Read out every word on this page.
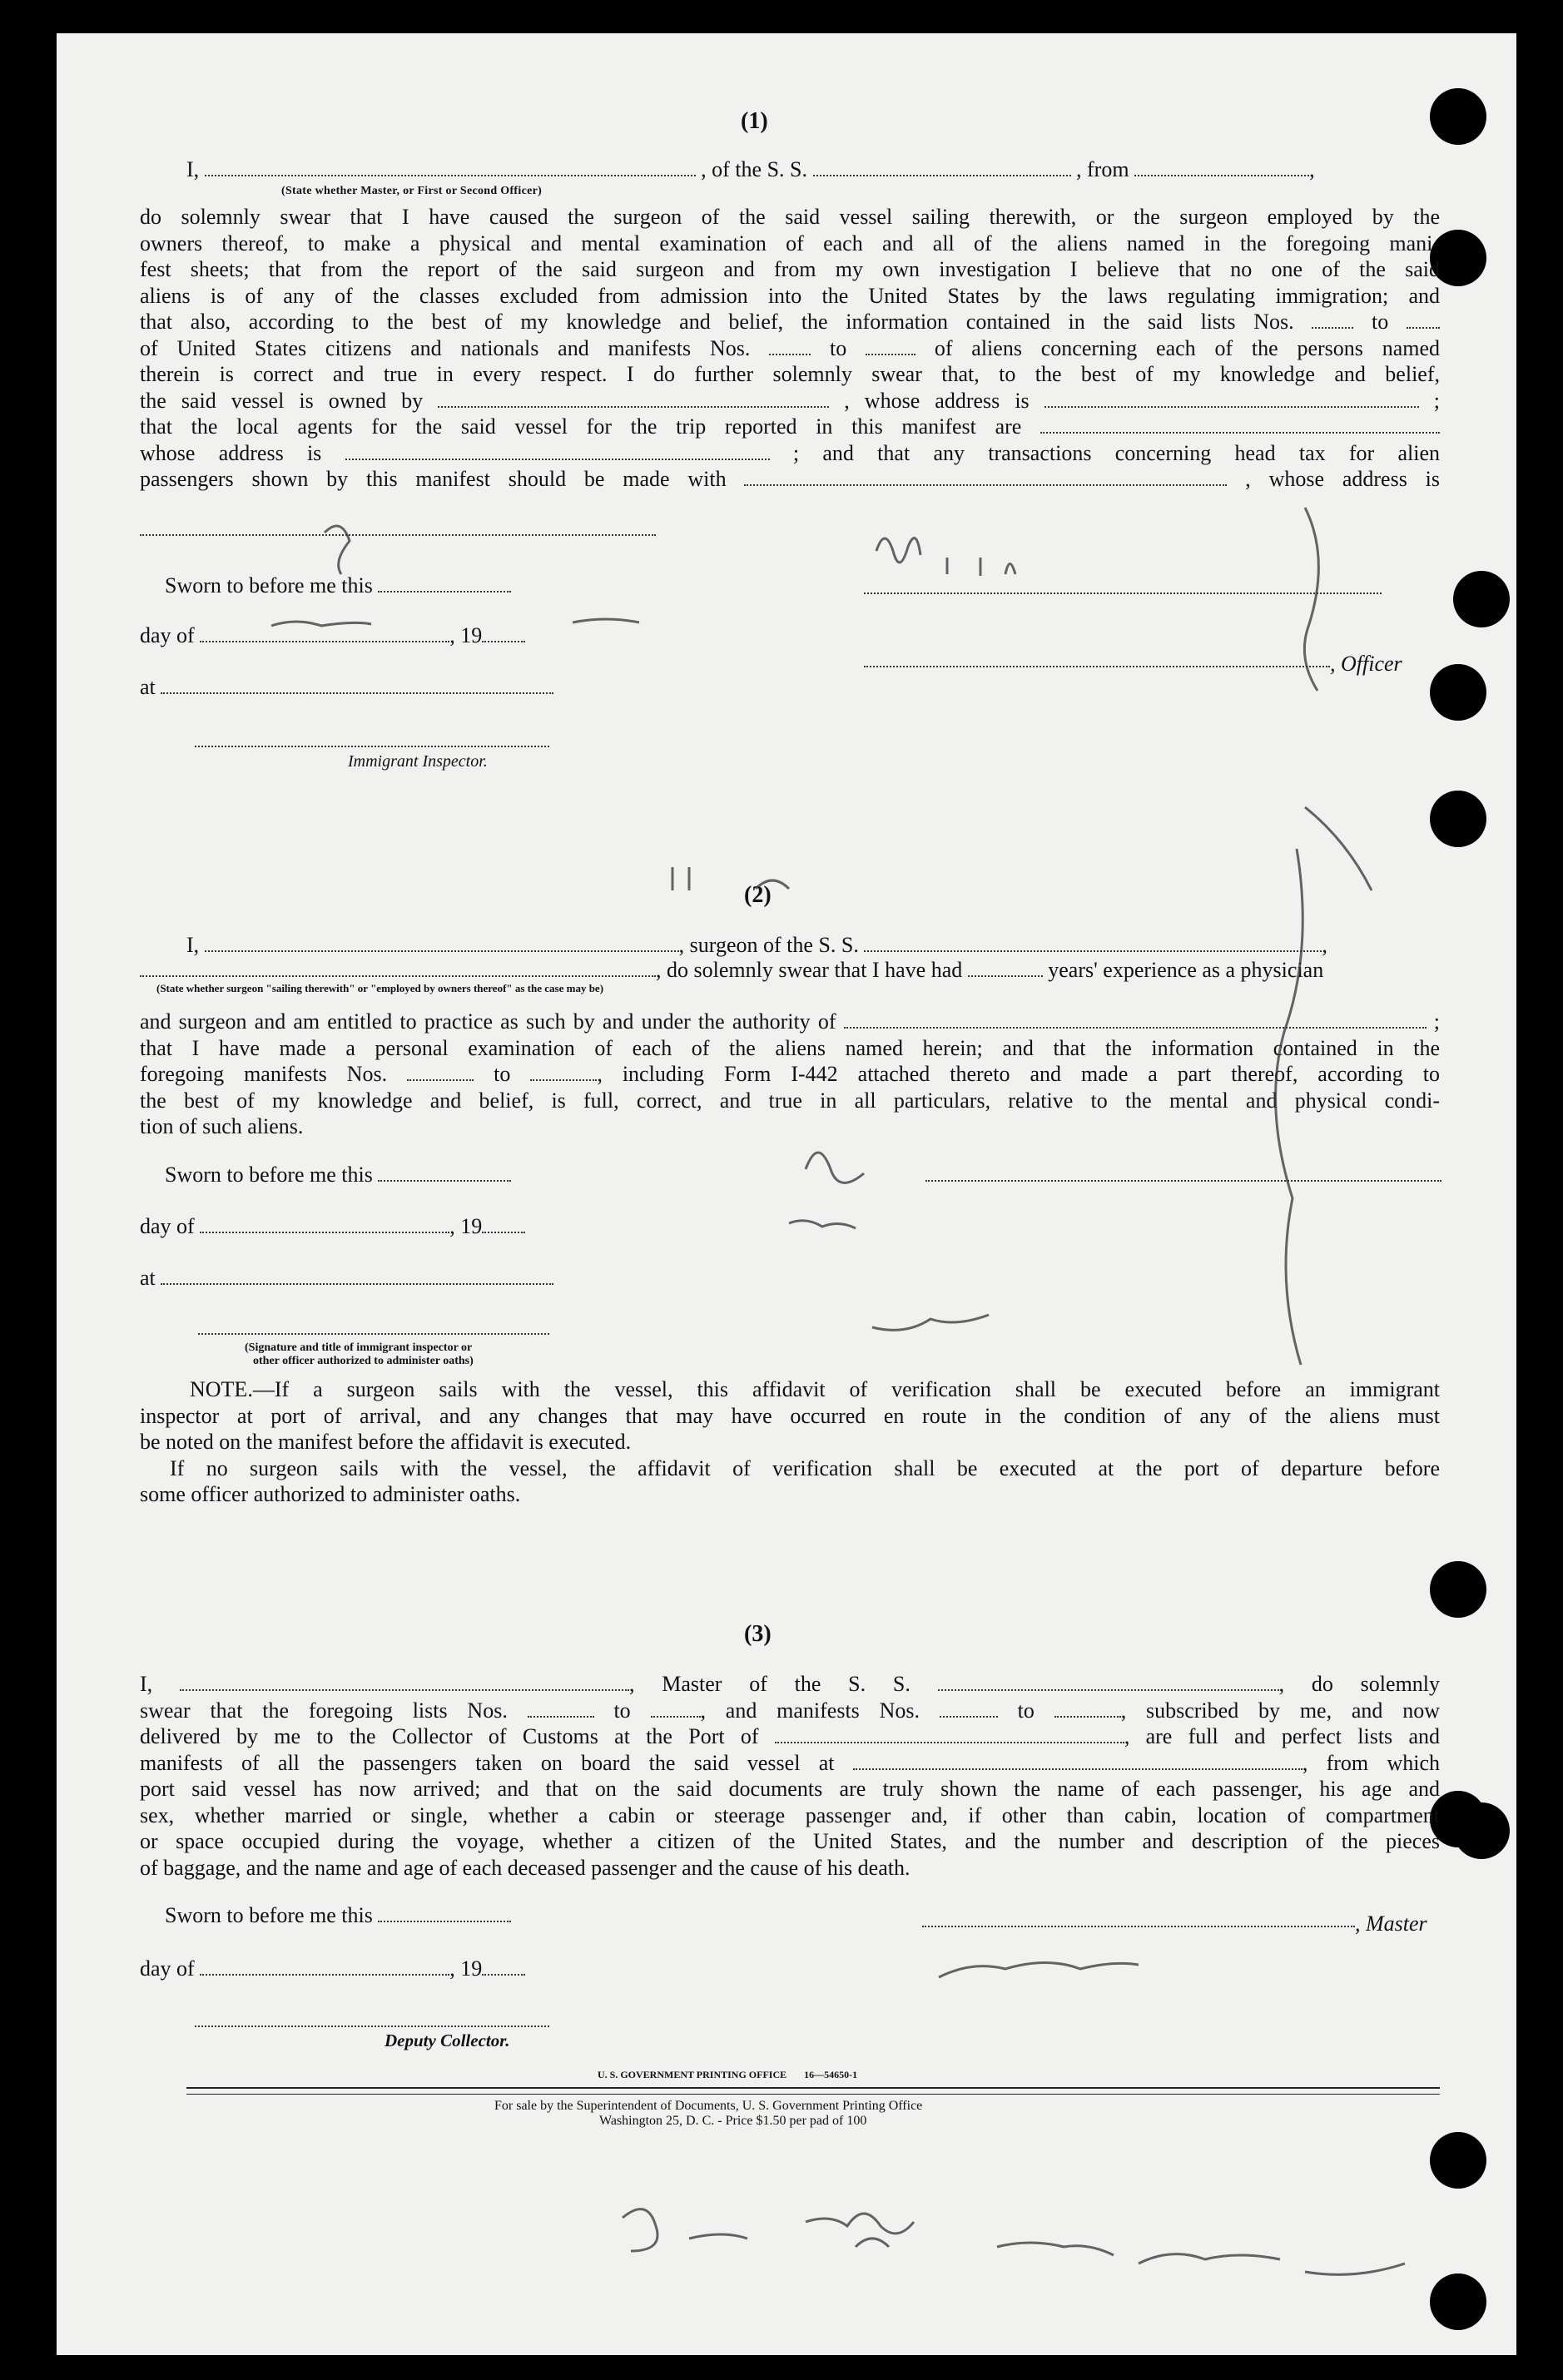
(1)
I,	, of the S. S.	, from	,
(State whether Master, or First or Second Officer)
do solemnly swear that I have caused the surgeon of the said vessel sailing therewith, or the surgeon employed by the
owners thereof, to make a physical and mental examination of each and all of the aliens named in the foregoing mani-
fest sheets; that from the report of the said surgeon and from my own investigation I believe that no one of the said
aliens is of any of the classes excluded from admission into the United States by the laws regulating immigration; and
that also, according to the best of my knowledge and belief, the information contained in the said lists Nos.	to
of United States citizens and nationals and manifests Nos.	to	of aliens concerning each of the persons named
therein is correct and true in every respect. I do further solemnly swear that, to the best of my knowledge and belief,
the said vessel is owned by	, whose address is	;
that the local agents for the said vessel for the trip reported in this manifest are
whose address is	; and that any transactions concerning head tax for alien
passengers shown by this manifest should be made with	, whose address is
Sworn to before me this
day of	, 19
, Officer
at
Immigrant Inspector.
(2)
I,	, surgeon of the S. S.	,
, do solemnly swear that I have had	years' experience as a physician
(State whether surgeon "sailing therewith" or "employed by owners thereof" as the case may be)
and surgeon and am entitled to practice as such by and under the authority of	;
that I have made a personal examination of each of the aliens named herein; and that the information contained in the
foregoing manifests Nos.	to	, including Form I-442 attached thereto and made a part thereof, according to
the best of my knowledge and belief, is full, correct, and true in all particulars, relative to the mental and physical condi-
tion of such aliens.
Sworn to before me this
day of	, 19
at
(Signature and title of immigrant inspector or
other officer authorized to administer oaths)
NOTE.—If a surgeon sails with the vessel, this affidavit of verification shall be executed before an immigrant
inspector at port of arrival, and any changes that may have occurred en route in the condition of any of the aliens must
be noted on the manifest before the affidavit is executed.
If no surgeon sails with the vessel, the affidavit of verification shall be executed at the port of departure before
some officer authorized to administer oaths.
(3)
I,	, Master of the S. S.	, do solemnly
swear that the foregoing lists Nos.	to	, and manifests Nos.	to	, subscribed by me, and now
delivered by me to the Collector of Customs at the Port of	, are full and perfect lists and
manifests of all the passengers taken on board the said vessel at	, from which
port said vessel has now arrived; and that on the said documents are truly shown the name of each passenger, his age and
sex, whether married or single, whether a cabin or steerage passenger and, if other than cabin, location of compartment
or space occupied during the voyage, whether a citizen of the United States, and the number and description of the pieces
of baggage, and the name and age of each deceased passenger and the cause of his death.
Sworn to before me this	, Master
day of	, 19
Deputy Collector.
U. S. GOVERNMENT PRINTING OFFICE       16—54650-1
For sale by the Superintendent of Documents, U. S. Government Printing Office
Washington 25, D. C. - Price $1.50 per pad of 100
